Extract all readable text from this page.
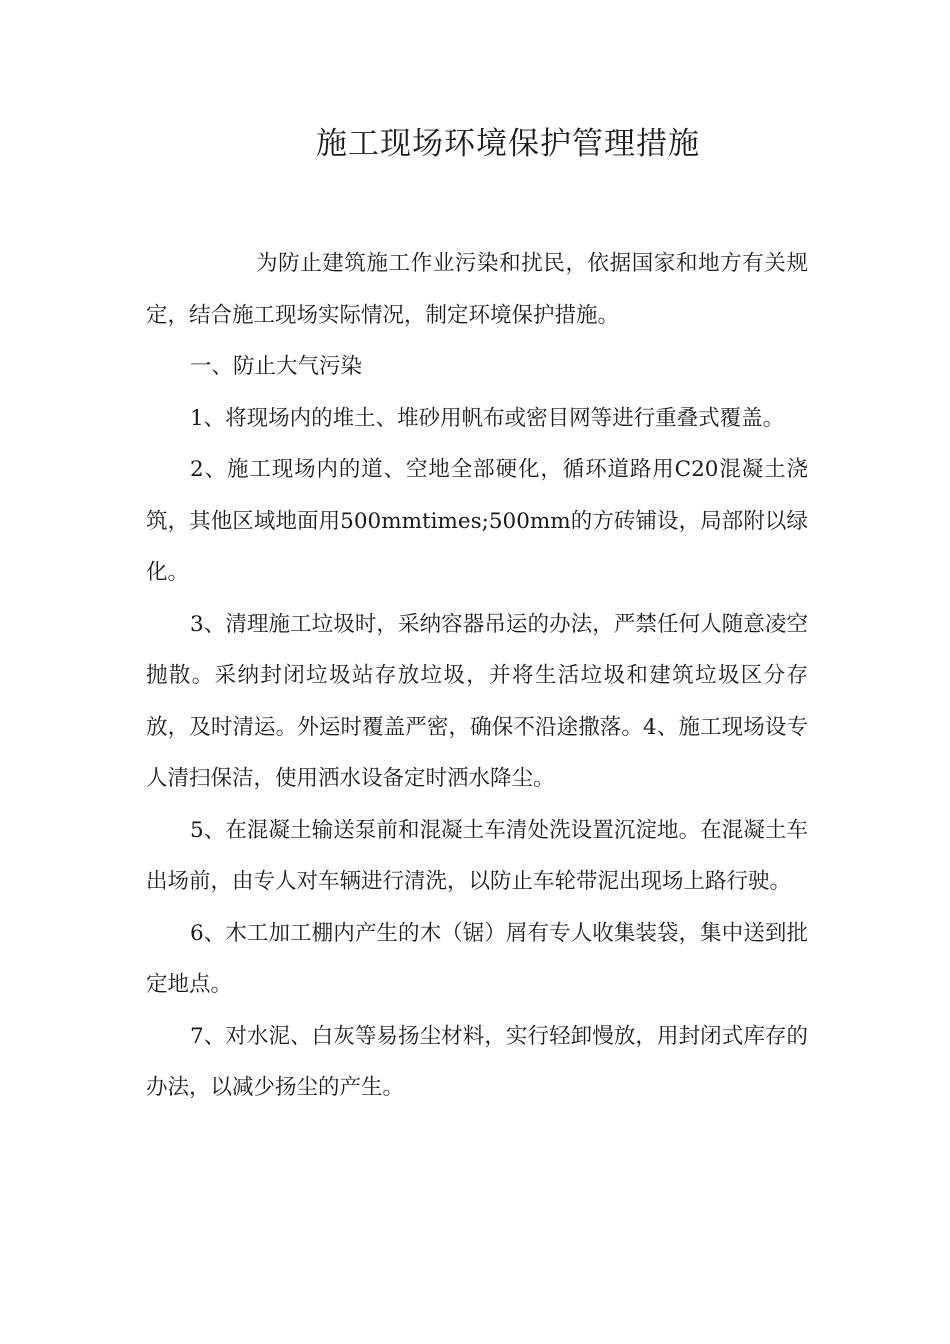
施工现场环境保护管理措施

为防止建筑施工作业污染和扰民，依据国家和地方有关规定，结合施工现场实际情况，制定环境保护措施。

一、防止大气污染

1、将现场内的堆土、堆砂用帆布或密目网等进行重叠式覆盖。

2、施工现场内的道、空地全部硬化，循环道路用C20混凝土浇筑，其他区域地面用500mmtimes;500mm的方砖铺设，局部附以绿化。

3、清理施工垃圾时，采纳容器吊运的办法，严禁任何人随意凌空抛散。采纳封闭垃圾站存放垃圾，并将生活垃圾和建筑垃圾区分存放，及时清运。外运时覆盖严密，确保不沿途撒落。4、施工现场设专人清扫保洁，使用洒水设备定时洒水降尘。

5、在混凝土输送泵前和混凝土车清处洗设置沉淀地。在混凝土车出场前，由专人对车辆进行清洗，以防止车轮带泥出现场上路行驶。

6、木工加工棚内产生的木（锯）屑有专人收集装袋，集中送到批定地点。

7、对水泥、白灰等易扬尘材料，实行轻卸慢放，用封闭式库存的办法，以减少扬尘的产生。
